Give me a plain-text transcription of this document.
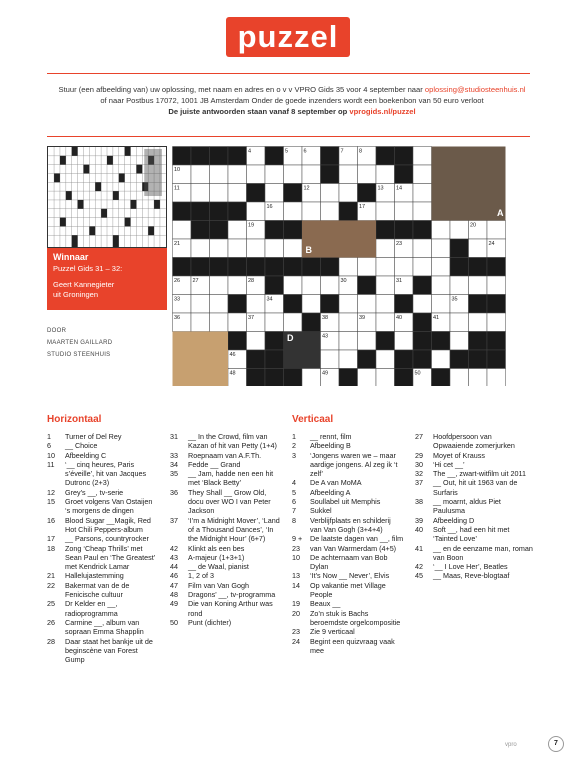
puzzel
Stuur (een afbeelding van) uw oplossing, met naam en adres en o v v VPRO Gids 35 voor 4 september naar oplossing@studiosteenhuis.nl
of naar Postbus 17072, 1001 JB Amsterdam Onder de goede inzenders wordt een boekenbon van 50 euro verloot
De juiste antwoorden staan vanaf 8 september op vprogids.nl/puzzel
Winnaar
Puzzel Gids 31 – 32:
Geert Kannegieter
uit Groningen
DOOR
MAARTEN GAILLARD
STUDIO STEENHUIS
4	5	6	7	8
10
11	12	13 14
16	17
19	20
21	23	24
26 27	28	30	31
33	34	35
36	37	38	39	40	41
43
46
48	49	50
A
B
D
Horizontaal
1	Turner of Del Rey
6	__ Choice
10	Afbeelding C
11	‘__ cinq heures, Paris s’éveille’, hit van Jacques Dutronc (2+3)
12	Grey’s __, tv-serie
15	Groet volgens Van Ostaijen ‘s morgens de dingen
16	Blood Sugar __Magik, Red Hot Chili Peppers-album
17	__ Parsons, countryrocker
18	Zong ‘Cheap Thrills’ met Sean Paul en ‘The Greatest’ met Kendrick Lamar
21	Hallelujastemming
22	Bakermat van de de Fenicische cultuur
25	Dr Kelder en __, radioprogramma
26	Carmine __, album van sopraan Emma Shapplin
28	Daar staat het bankje uit de beginscène van Forest Gump
31	__ In the Crowd, film van Kazan of hit van Petty (1+4)
33	Roepnaam van A.F.Th.
34	Fedde __ Grand
35	__ Jam, hadde nen een hit met ‘Black Betty’
36	They Shall __ Grow Old, docu over WO I van Peter Jackson
37	‘I’m a Midnight Mover’, ‘Land of a Thousand Dances’, ‘In the Midnight Hour’ (6+7)
42	Klinkt als een bes
43	A-majeur (1+3+1)
44	__ de Waal, pianist
46	1, 2 of 3
47	Film van Van Gogh
48	Dragons’ __, tv-programma
49	Die van Koning Arthur was rond
50	Punt (dichter)
Verticaal
1	__ rennt, film
2	Afbeelding B
3	‘Jongens waren we – maar aardige jongens. Al zeg ik ‘t zelf’
4	De A van MoMA
5	Afbeelding A
6	Soullabel uit Memphis
7	Sukkel
8	Verblijfplaats en schilderij van Van Gogh (3+4+4)
9 + 23
De laatste dagen van __, film van Van Warmerdam (4+5)
10	De achternaam van Bob Dylan
13	‘It’s Now __ Never’, Elvis
14	Op vakantie met Village People
19	Beaux __
20	Zo’n stuk is Bachs beroemdste orgelcompositie
23	Zie 9 verticaal
24	Begint een quizvraag vaak mee
27	Hoofdpersoon van Opwaaiende zomerjurken
29	Moyet of Krauss
30	‘Hi cet __’
32	The __, zwart-witfilm uit 2011
37	__ Out, hit uit 1963 van de Surfaris
38	__ moarnt, aldus Piet Paulusma
39	Afbeelding D
40	Soft __, had een hit met ‘Tainted Love’
41	__ en de eenzame man, roman van Boon
42	‘__ I Love Her’, Beatles
45	__ Maas, Reve-blogtaaf
vpro	7
